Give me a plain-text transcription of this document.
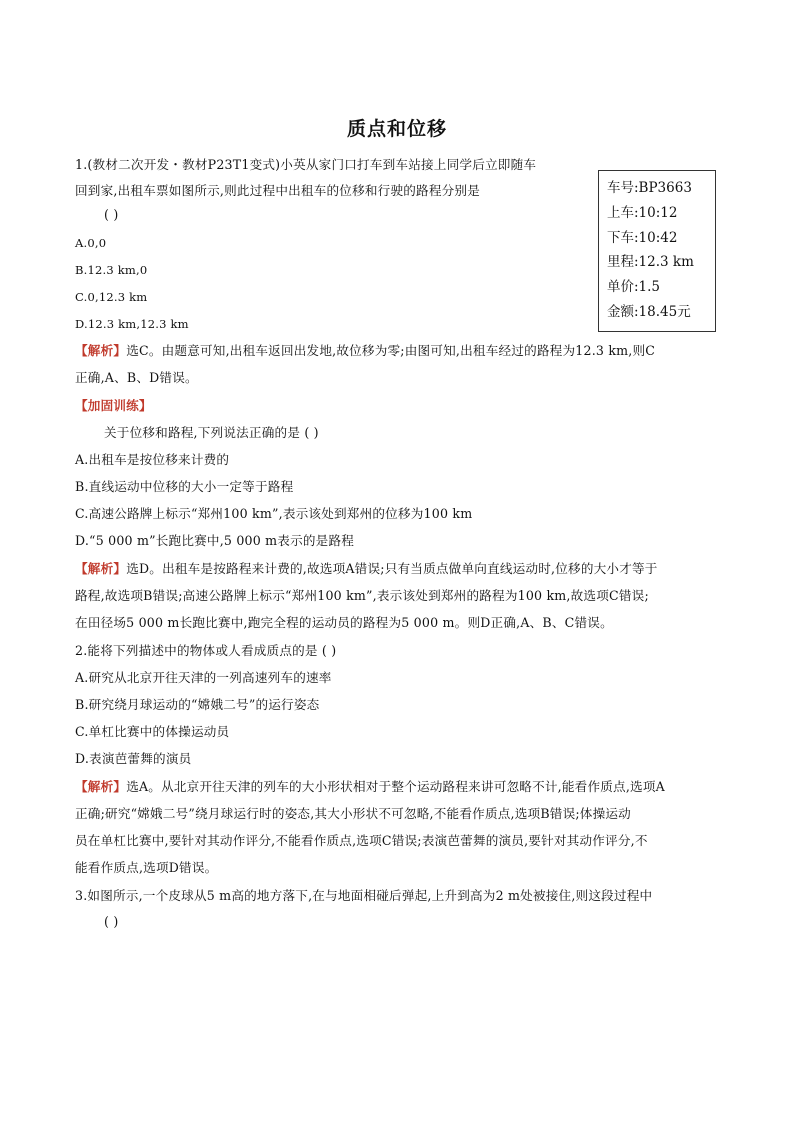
质点和位移
1.(教材二次开发・教材P23T1变式)小英从家门口打车到车站接上同学后立即随车
回到家,出租车票如图所示,则此过程中出租车的位移和行驶的路程分别是
( )
A.0,0
B.12.3 km,0
C.0,12.3 km
D.12.3 km,12.3 km
【解析】选C。由题意可知,出租车返回出发地,故位移为零;由图可知,出租车经过的路程为12.3 km,则C
正确,A、B、D错误。
车号:BP3663
上车:10:12
下车:10:42
里程:12.3 km
单价:1.5
金额:18.45元
【加固训练】
关于位移和路程,下列说法正确的是 ( )
A.出租车是按位移来计费的
B.直线运动中位移的大小一定等于路程
C.高速公路牌上标示“郑州100 km”,表示该处到郑州的位移为100 km
D.“5 000 m”长跑比赛中,5 000 m表示的是路程
【解析】选D。出租车是按路程来计费的,故选项A错误;只有当质点做单向直线运动时,位移的大小才等于
路程,故选项B错误;高速公路牌上标示“郑州100 km”,表示该处到郑州的路程为100 km,故选项C错误;
在田径场5 000 m长跑比赛中,跑完全程的运动员的路程为5 000 m。则D正确,A、B、C错误。
2.能将下列描述中的物体或人看成质点的是 ( )
A.研究从北京开往天津的一列高速列车的速率
B.研究绕月球运动的“嫦娥二号”的运行姿态
C.单杠比赛中的体操运动员
D.表演芭蕾舞的演员
【解析】选A。从北京开往天津的列车的大小形状相对于整个运动路程来讲可忽略不计,能看作质点,选项A
正确;研究“嫦娥二号”绕月球运行时的姿态,其大小形状不可忽略,不能看作质点,选项B错误;体操运动
员在单杠比赛中,要针对其动作评分,不能看作质点,选项C错误;表演芭蕾舞的演员,要针对其动作评分,不
能看作质点,选项D错误。
3.如图所示,一个皮球从5 m高的地方落下,在与地面相碰后弹起,上升到高为2 m处被接住,则这段过程中
( )
